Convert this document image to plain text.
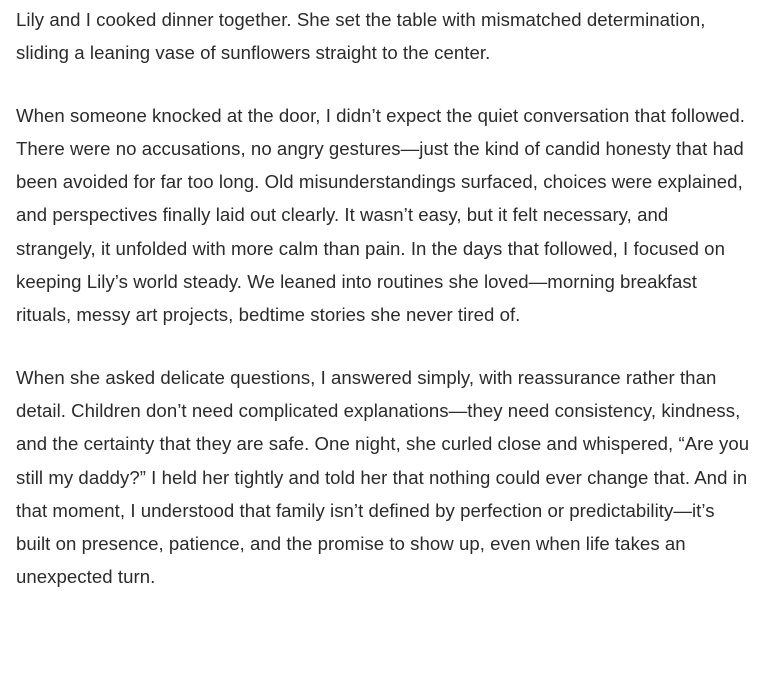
Lily and I cooked dinner together. She set the table with mismatched determination, sliding a leaning vase of sunflowers straight to the center.

When someone knocked at the door, I didn’t expect the quiet conversation that followed. There were no accusations, no angry gestures—just the kind of candid honesty that had been avoided for far too long. Old misunderstandings surfaced, choices were explained, and perspectives finally laid out clearly. It wasn’t easy, but it felt necessary, and strangely, it unfolded with more calm than pain. In the days that followed, I focused on keeping Lily’s world steady. We leaned into routines she loved—morning breakfast rituals, messy art projects, bedtime stories she never tired of.

When she asked delicate questions, I answered simply, with reassurance rather than detail. Children don’t need complicated explanations—they need consistency, kindness, and the certainty that they are safe. One night, she curled close and whispered, “Are you still my daddy?” I held her tightly and told her that nothing could ever change that. And in that moment, I understood that family isn’t defined by perfection or predictability—it’s built on presence, patience, and the promise to show up, even when life takes an unexpected turn.
